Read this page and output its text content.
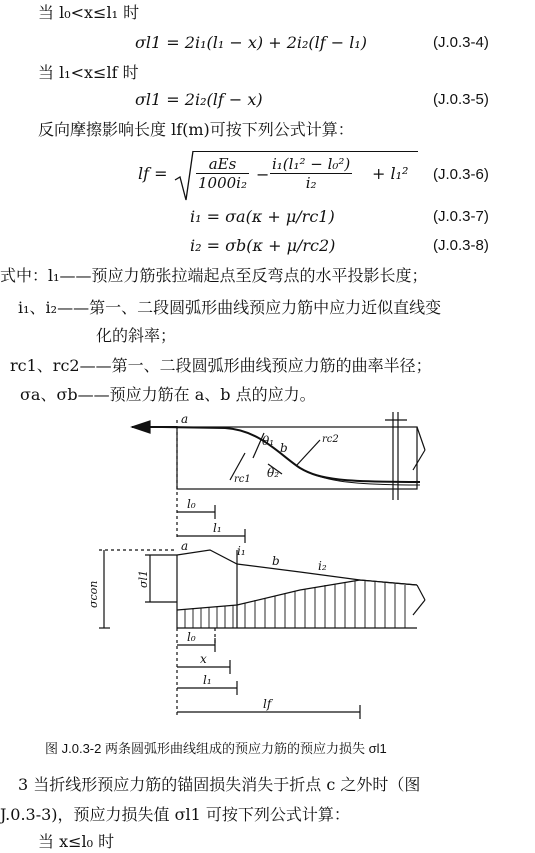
当 l₀<x≤l₁ 时
σl1 = 2i₁(l₁ − x) + 2i₂(lf − l₁)	(J.0.3-4)
当 l₁<x≤lf 时
σl1 = 2i₂(lf − x)	(J.0.3-5)
反向摩擦影响长度 lf(m)可按下列公式计算：
lf =	aEs
$1000i_2 - \frac{\text{i₁(l₁² − l₀²)}}{\text{i₂}} + l_1^2$ (J.0.3-6)
i₁ = σa(κ + μ/rc1)	(J.0.3-7)
i₂ = σb(κ + μ/rc2)	(J.0.3-8)
式中：l₁——预应力筋张拉端起点至反弯点的水平投影长度；
i₁、i₂——第一、二段圆弧形曲线预应力筋中应力近似直线变
化的斜率；
rc1、rc2——第一、二段圆弧形曲线预应力筋的曲率半径；
σa、σb——预应力筋在 a、b 点的应力。
a
θ₁ b
rc2
rc1 θ₂
l₀
l₁
a	i₁
b	i₂
l₀
x
l₁
lf
σcon
σl1
图 J.0.3-2 两条圆弧形曲线组成的预应力筋的预应力损失 σl1
3 当折线形预应力筋的锚固损失消失于折点 c 之外时（图
J.0.3-3)，预应力损失值 σl1 可按下列公式计算：
当 x≤l₀ 时
